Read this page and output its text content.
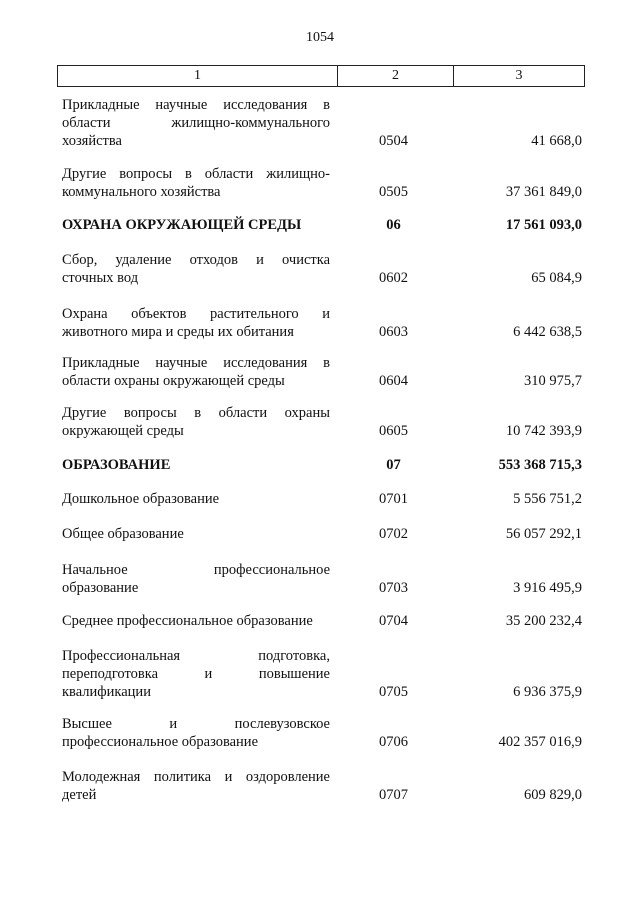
1054
1	2	3
Прикладные научные исследования в
области жилищно-коммунального
хозяйства	0504	41 668,0
Другие вопросы в области жилищно-
коммунального хозяйства	0505	37 361 849,0
ОХРАНА ОКРУЖАЮЩЕЙ СРЕДЫ	06	17 561 093,0
Сбор, удаление отходов и очистка
сточных вод	0602	65 084,9
Охрана объектов растительного и
животного мира и среды их обитания	0603	6 442 638,5
Прикладные научные исследования в
области охраны окружающей среды	0604	310 975,7
Другие вопросы в области охраны
окружающей среды	0605	10 742 393,9
ОБРАЗОВАНИЕ	07	553 368 715,3
Дошкольное образование	0701	5 556 751,2
Общее образование	0702	56 057 292,1
Начальное профессиональное
образование	0703	3 916 495,9
Среднее профессиональное образование	0704	35 200 232,4
Профессиональная подготовка,
переподготовка и повышение
квалификации	0705	6 936 375,9
Высшее и послевузовское
профессиональное образование	0706	402 357 016,9
Молодежная политика и оздоровление
детей	0707	609 829,0
